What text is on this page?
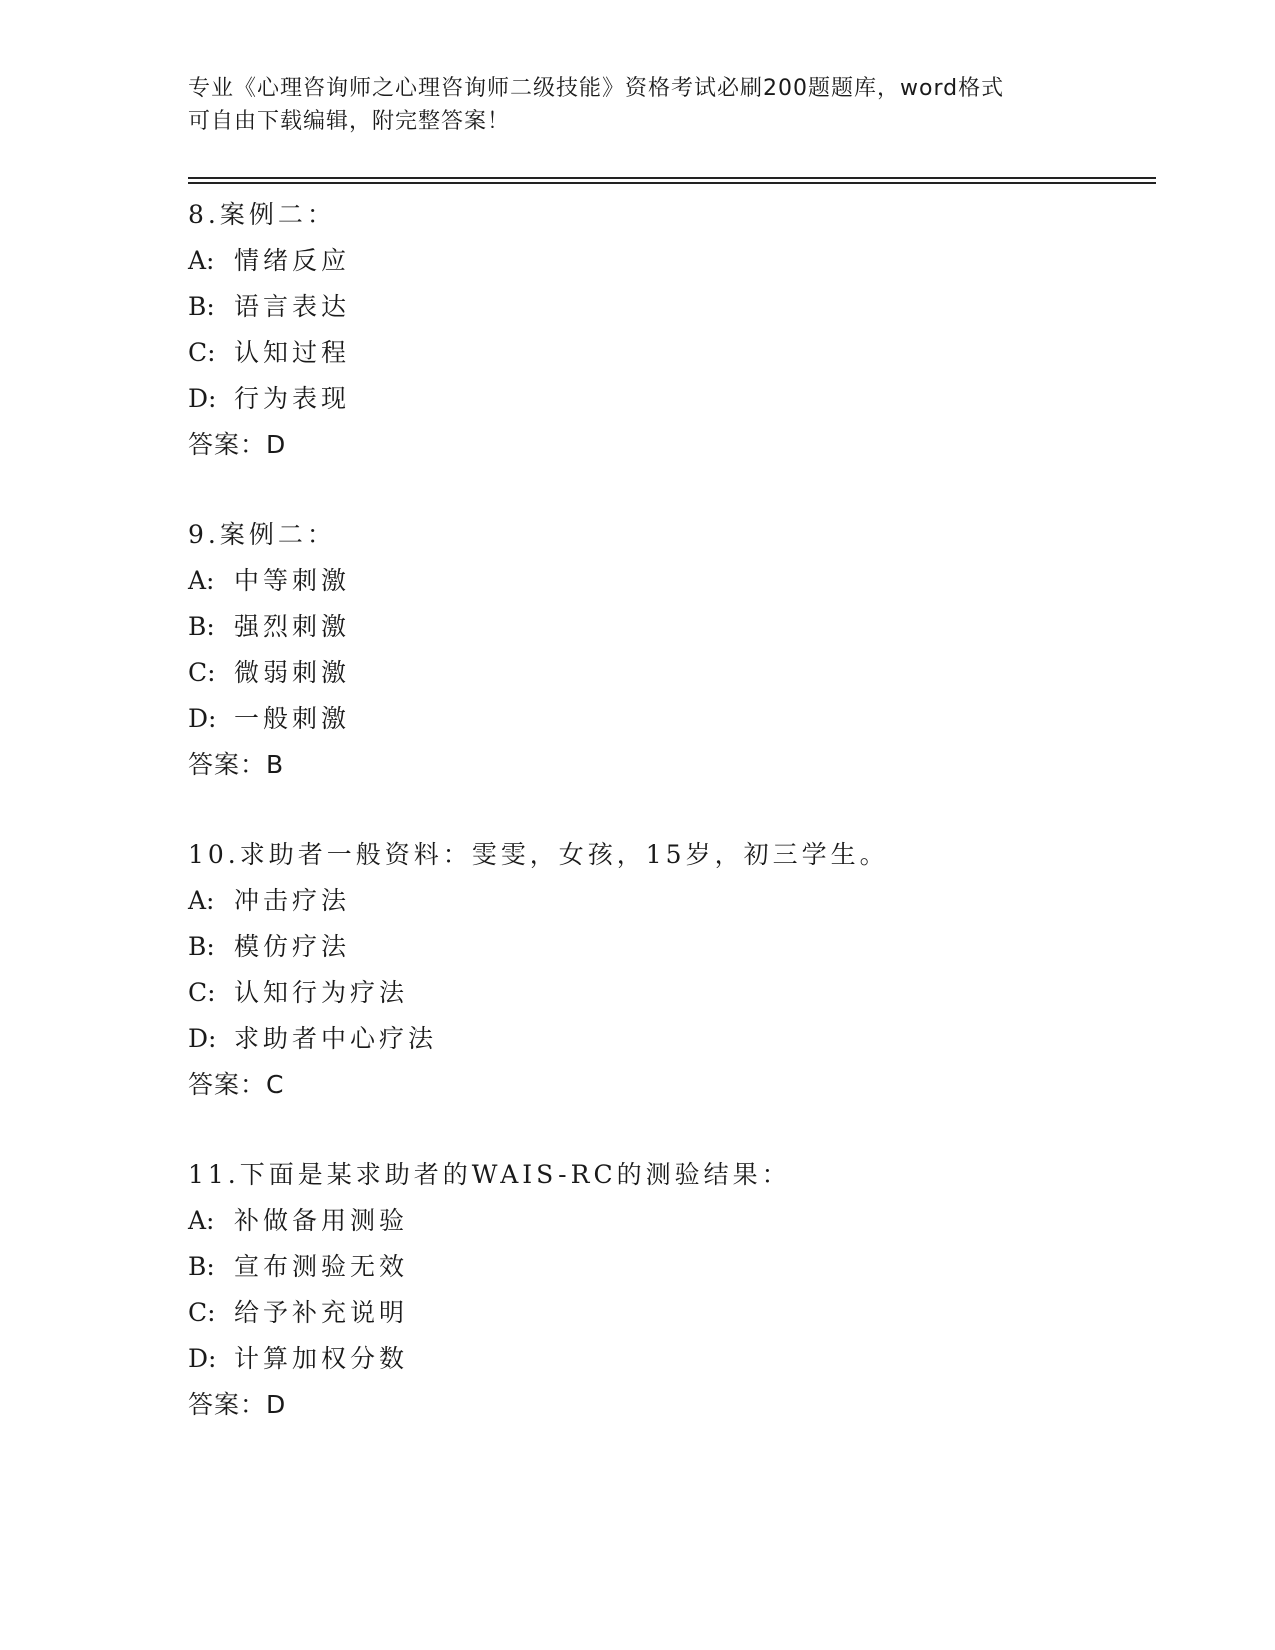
专业《心理咨询师之心理咨询师二级技能》资格考试必刷200题题库，word格式
可自由下载编辑，附完整答案！
8.案例二：
A: 情绪反应
B: 语言表达
C: 认知过程
D: 行为表现
答案：D
9.案例二：
A: 中等刺激
B: 强烈刺激
C: 微弱刺激
D: 一般刺激
答案：B
10.求助者一般资料：雯雯，女孩，15岁，初三学生。
A: 冲击疗法
B: 模仿疗法
C: 认知行为疗法
D: 求助者中心疗法
答案：C
11.下面是某求助者的WAIS-RC的测验结果：
A: 补做备用测验
B: 宣布测验无效
C: 给予补充说明
D: 计算加权分数
答案：D
